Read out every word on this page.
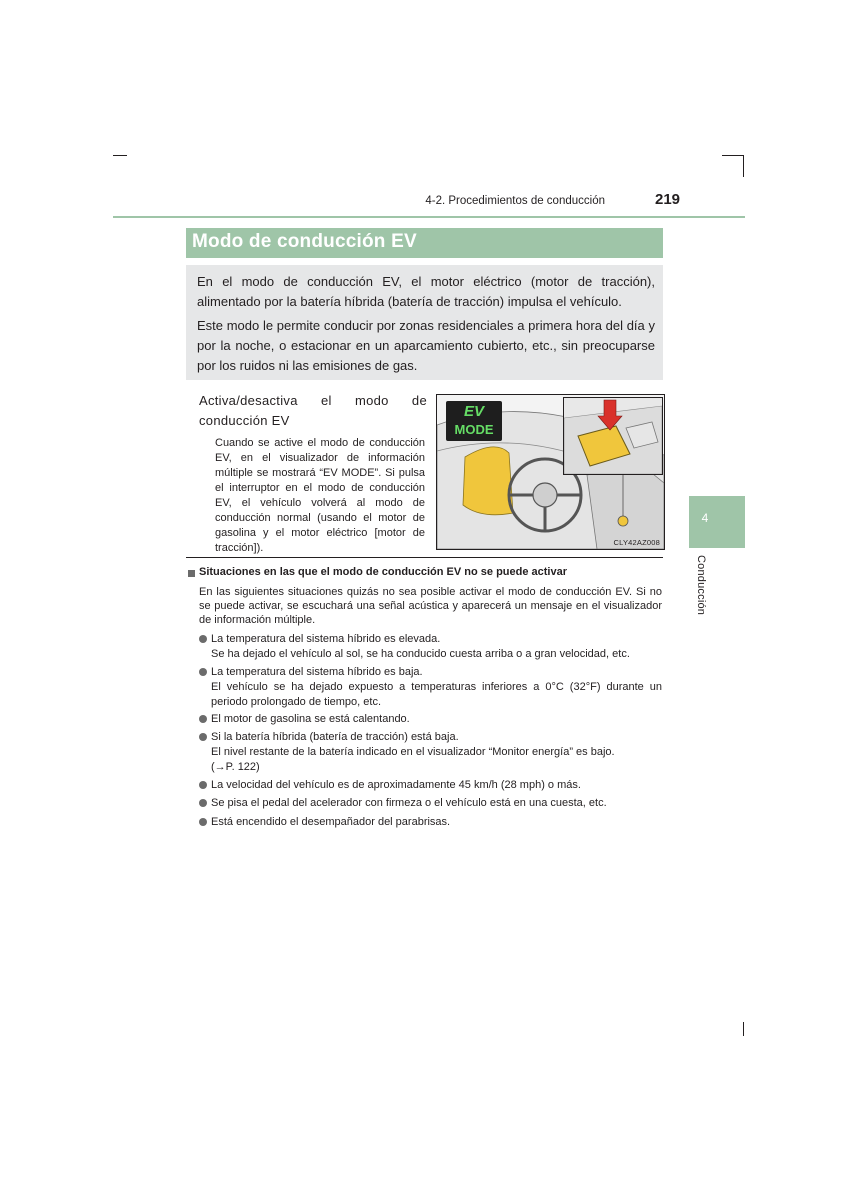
4-2. Procedimientos de conducción	219
Modo de conducción EV

En el modo de conducción EV, el motor eléctrico (motor de tracción), alimentado por la batería híbrida (batería de tracción) impulsa el vehículo.

Este modo le permite conducir por zonas residenciales a primera hora del día y por la noche, o estacionar en un aparcamiento cubierto, etc., sin preocuparse por los ruidos ni las emisiones de gas.

Activa/desactiva el modo de conducción EV

Cuando se active el modo de conducción EV, en el visualizador de información múltiple se mostrará “EV MODE”. Si pulsa el interruptor en el modo de conducción EV, el vehículo volverá al modo de conducción normal (usando el motor de gasolina y el motor eléctrico [motor de tracción]).

EV
MODE
CLY42AZ008
Situaciones en las que el modo de conducción EV no se puede activar

En las siguientes situaciones quizás no sea posible activar el modo de conducción EV. Si no se puede activar, se escuchará una señal acústica y aparecerá un mensaje en el visualizador de información múltiple.

La temperatura del sistema híbrido es elevada.
Se ha dejado el vehículo al sol, se ha conducido cuesta arriba o a gran velocidad, etc.
La temperatura del sistema híbrido es baja.
El vehículo se ha dejado expuesto a temperaturas inferiores a 0°C (32°F) durante un periodo prolongado de tiempo, etc.
El motor de gasolina se está calentando.
Si la batería híbrida (batería de tracción) está baja.
El nivel restante de la batería indicado en el visualizador “Monitor energía” es bajo.
(→P. 122)
La velocidad del vehículo es de aproximadamente 45 km/h (28 mph) o más.
Se pisa el pedal del acelerador con firmeza o el vehículo está en una cuesta, etc.
Está encendido el desempañador del parabrisas.
4
Conducción
